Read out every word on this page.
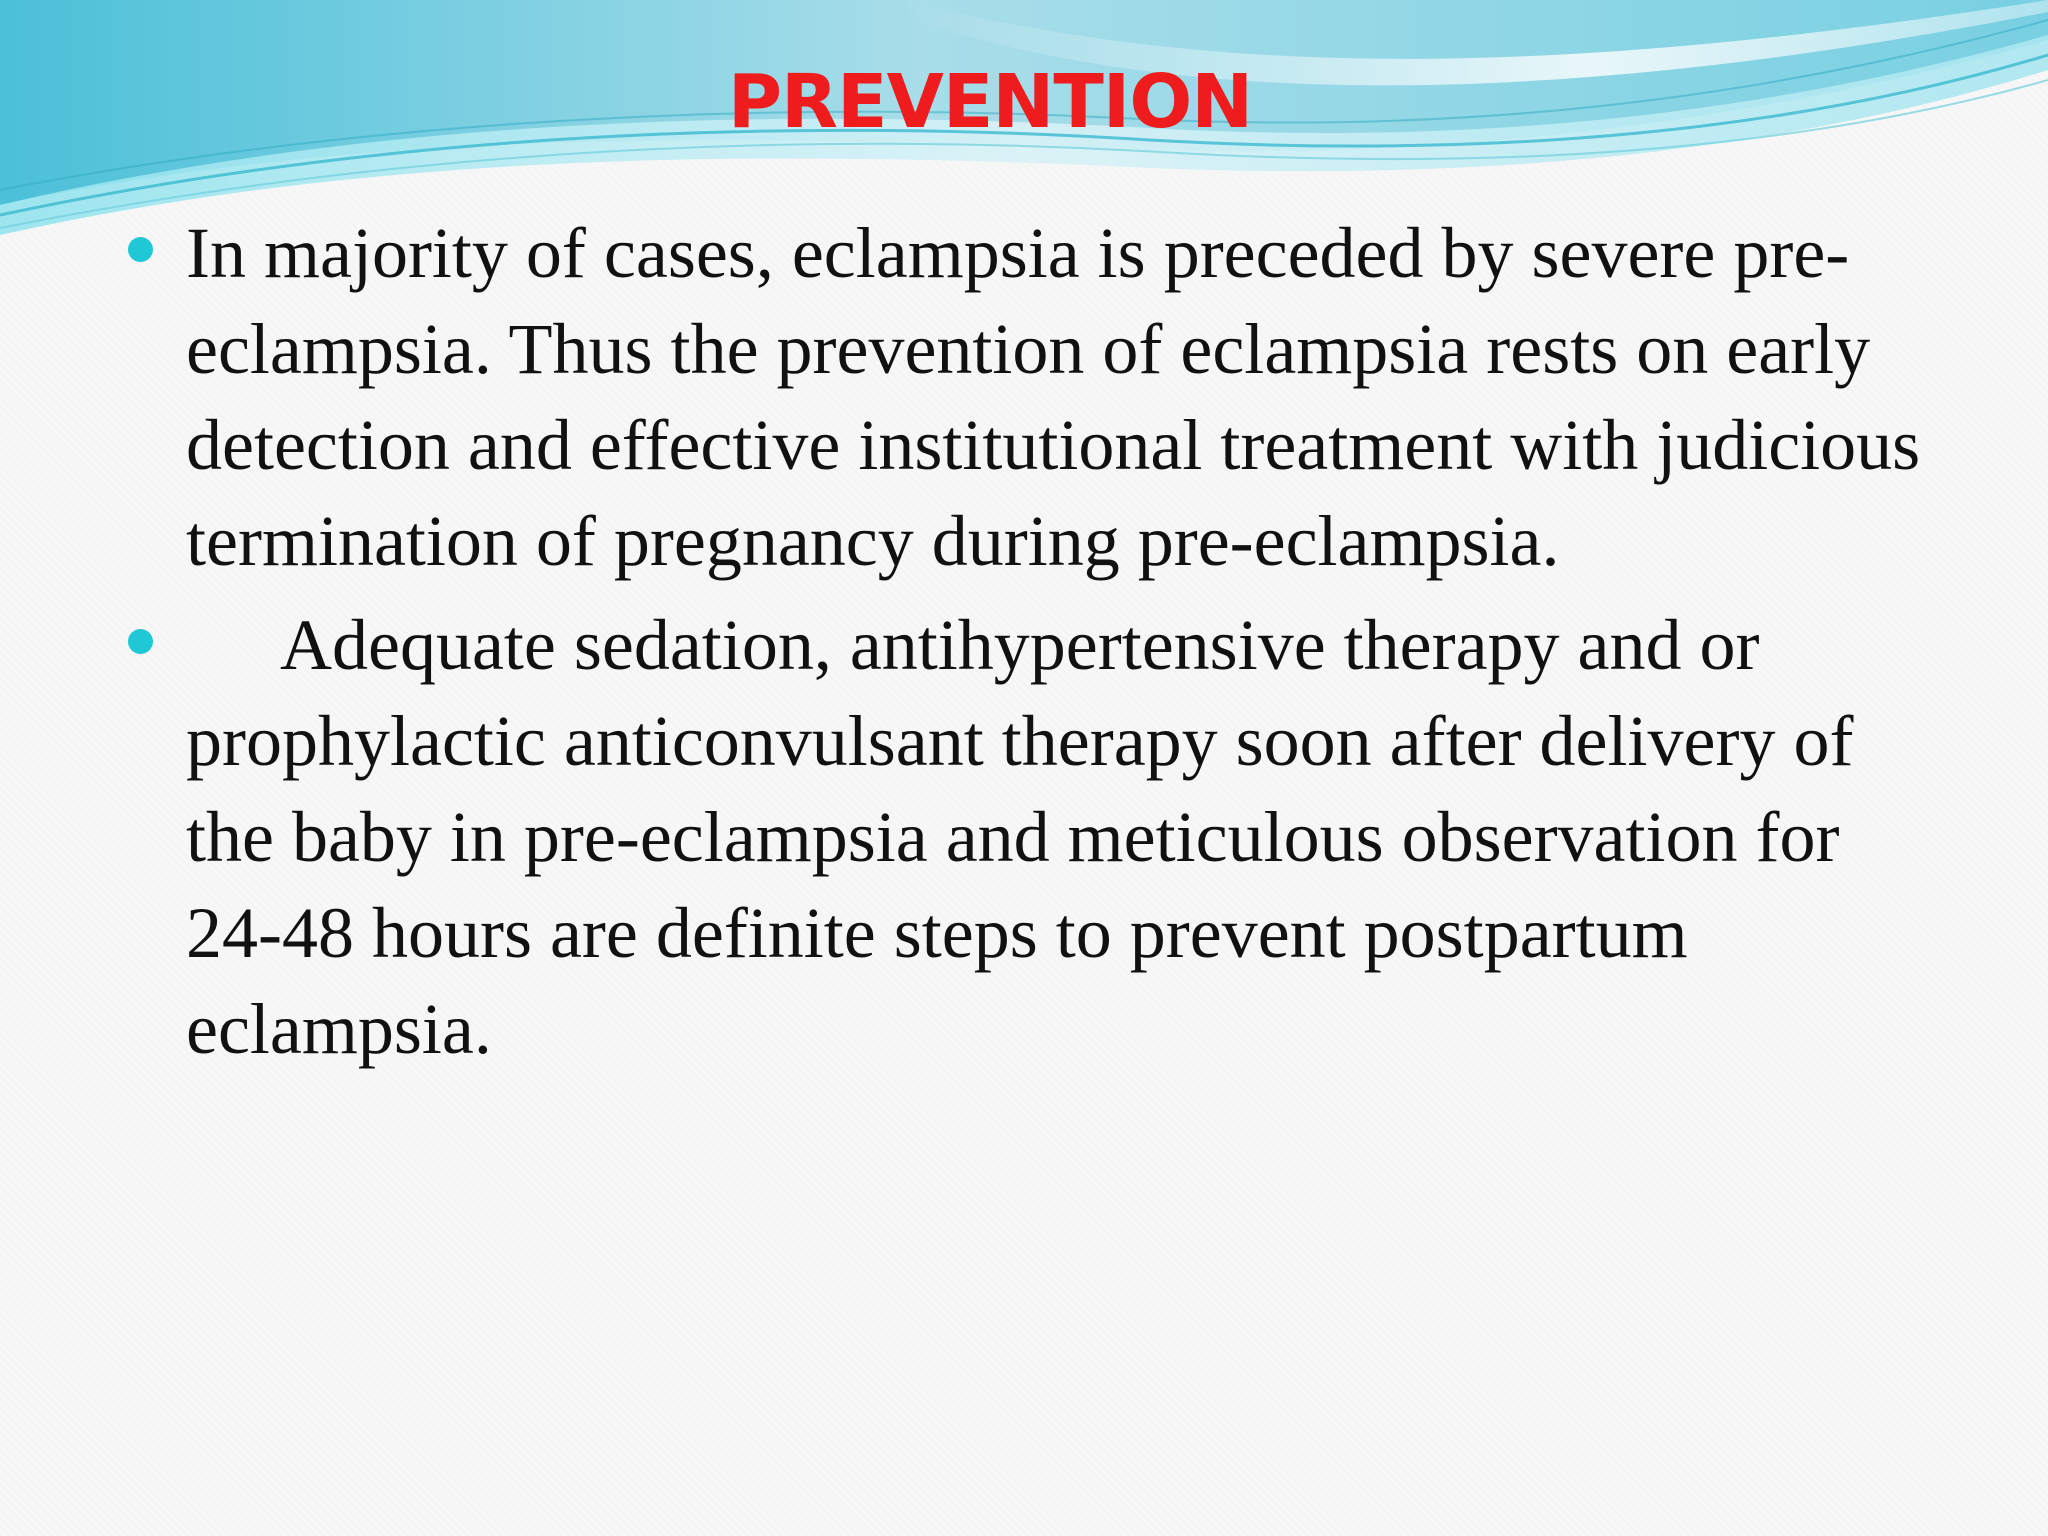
PREVENTION
In majority of cases, eclampsia is preceded by severe pre-eclampsia. Thus the prevention of eclampsia rests on early detection and effective institutional treatment with judicious termination of pregnancy during pre-eclampsia.
Adequate sedation, antihypertensive therapy and or prophylactic anticonvulsant therapy soon after delivery of the baby in pre-eclampsia and meticulous observation for 24-48 hours are definite steps to prevent postpartum eclampsia.
